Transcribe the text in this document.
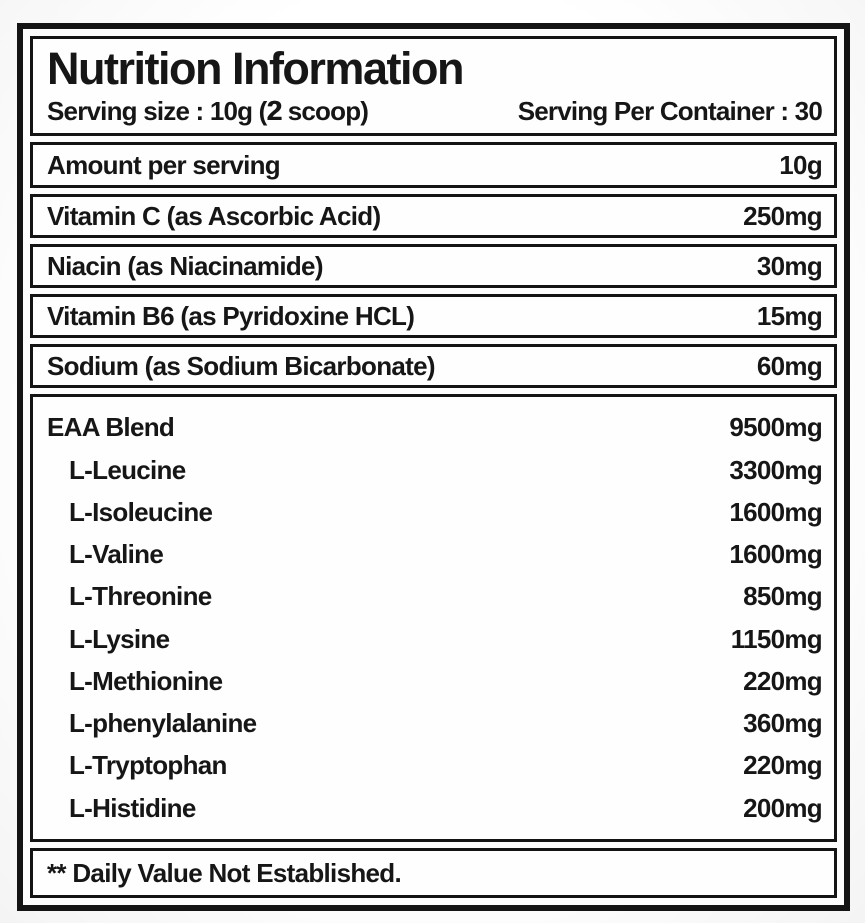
Nutrition Information
Serving size : 10g (2 scoop)	Serving Per Container : 30
Amount per serving	10g
Vitamin C (as Ascorbic Acid)	250mg
Niacin (as Niacinamide)	30mg
Vitamin B6 (as Pyridoxine HCL)	15mg
Sodium (as Sodium Bicarbonate)	60mg
EAA Blend	9500mg
L-Leucine	3300mg
L-Isoleucine	1600mg
L-Valine	1600mg
L-Threonine	850mg
L-Lysine	1150mg
L-Methionine	220mg
L-phenylalanine	360mg
L-Tryptophan	220mg
L-Histidine	200mg
** Daily Value Not Established.
